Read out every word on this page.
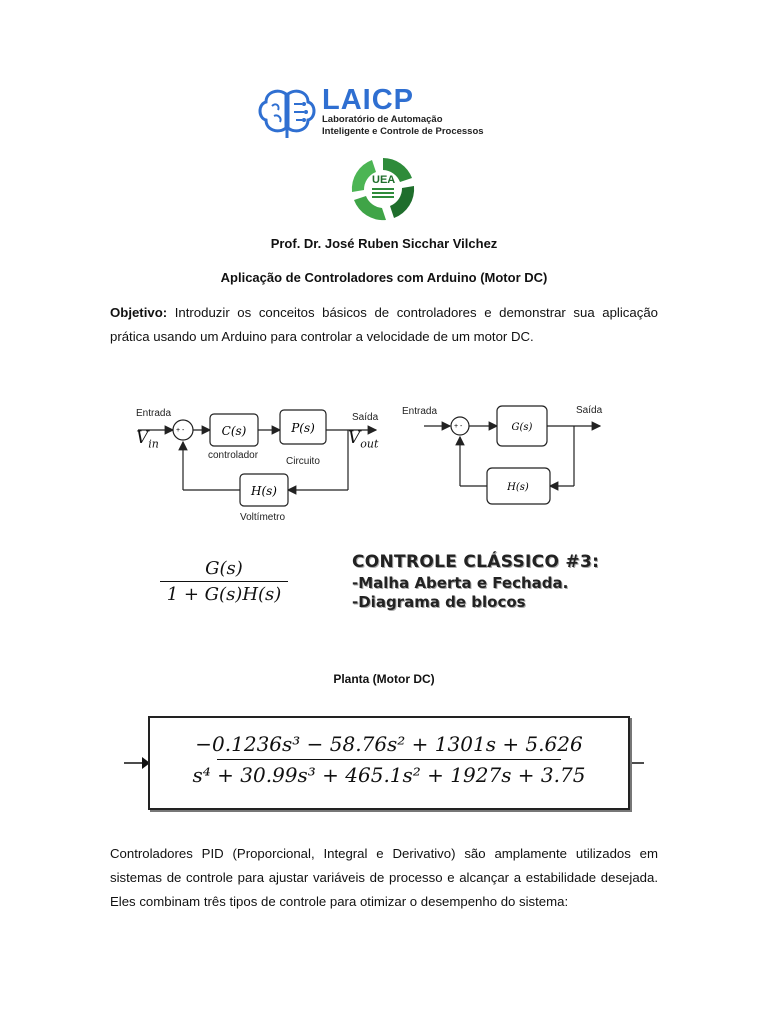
LAICP
Laboratório de Automação
Inteligente e Controle de Processos
UEA
Prof. Dr. José Ruben Sicchar Vilchez
Aplicação de Controladores com Arduino (Motor DC)
Objetivo: Introduzir os conceitos básicos de controladores e demonstrar sua aplicação prática usando um Arduino para controlar a velocidade de um motor DC.
Entrada
+ -	C(s)
controlador
P(s)
Circuito
Saída
H(s)
Voltímetro
$V_{in}$	$V_{out}$
Entrada
+ -	G(s)
Saída
H(s)
G(s)
1 + G(s)H(s)
CONTROLE CLÁSSICO #3:
-Malha Aberta e Fechada.
-Diagrama de blocos
Planta (Motor DC)
−0.1236s³ − 58.76s² + 1301s + 5.626
s⁴ + 30.99s³ + 465.1s² + 1927s + 3.75
Controladores PID (Proporcional, Integral e Derivativo) são amplamente utilizados em sistemas de controle para ajustar variáveis de processo e alcançar a estabilidade desejada. Eles combinam três tipos de controle para otimizar o desempenho do sistema:
